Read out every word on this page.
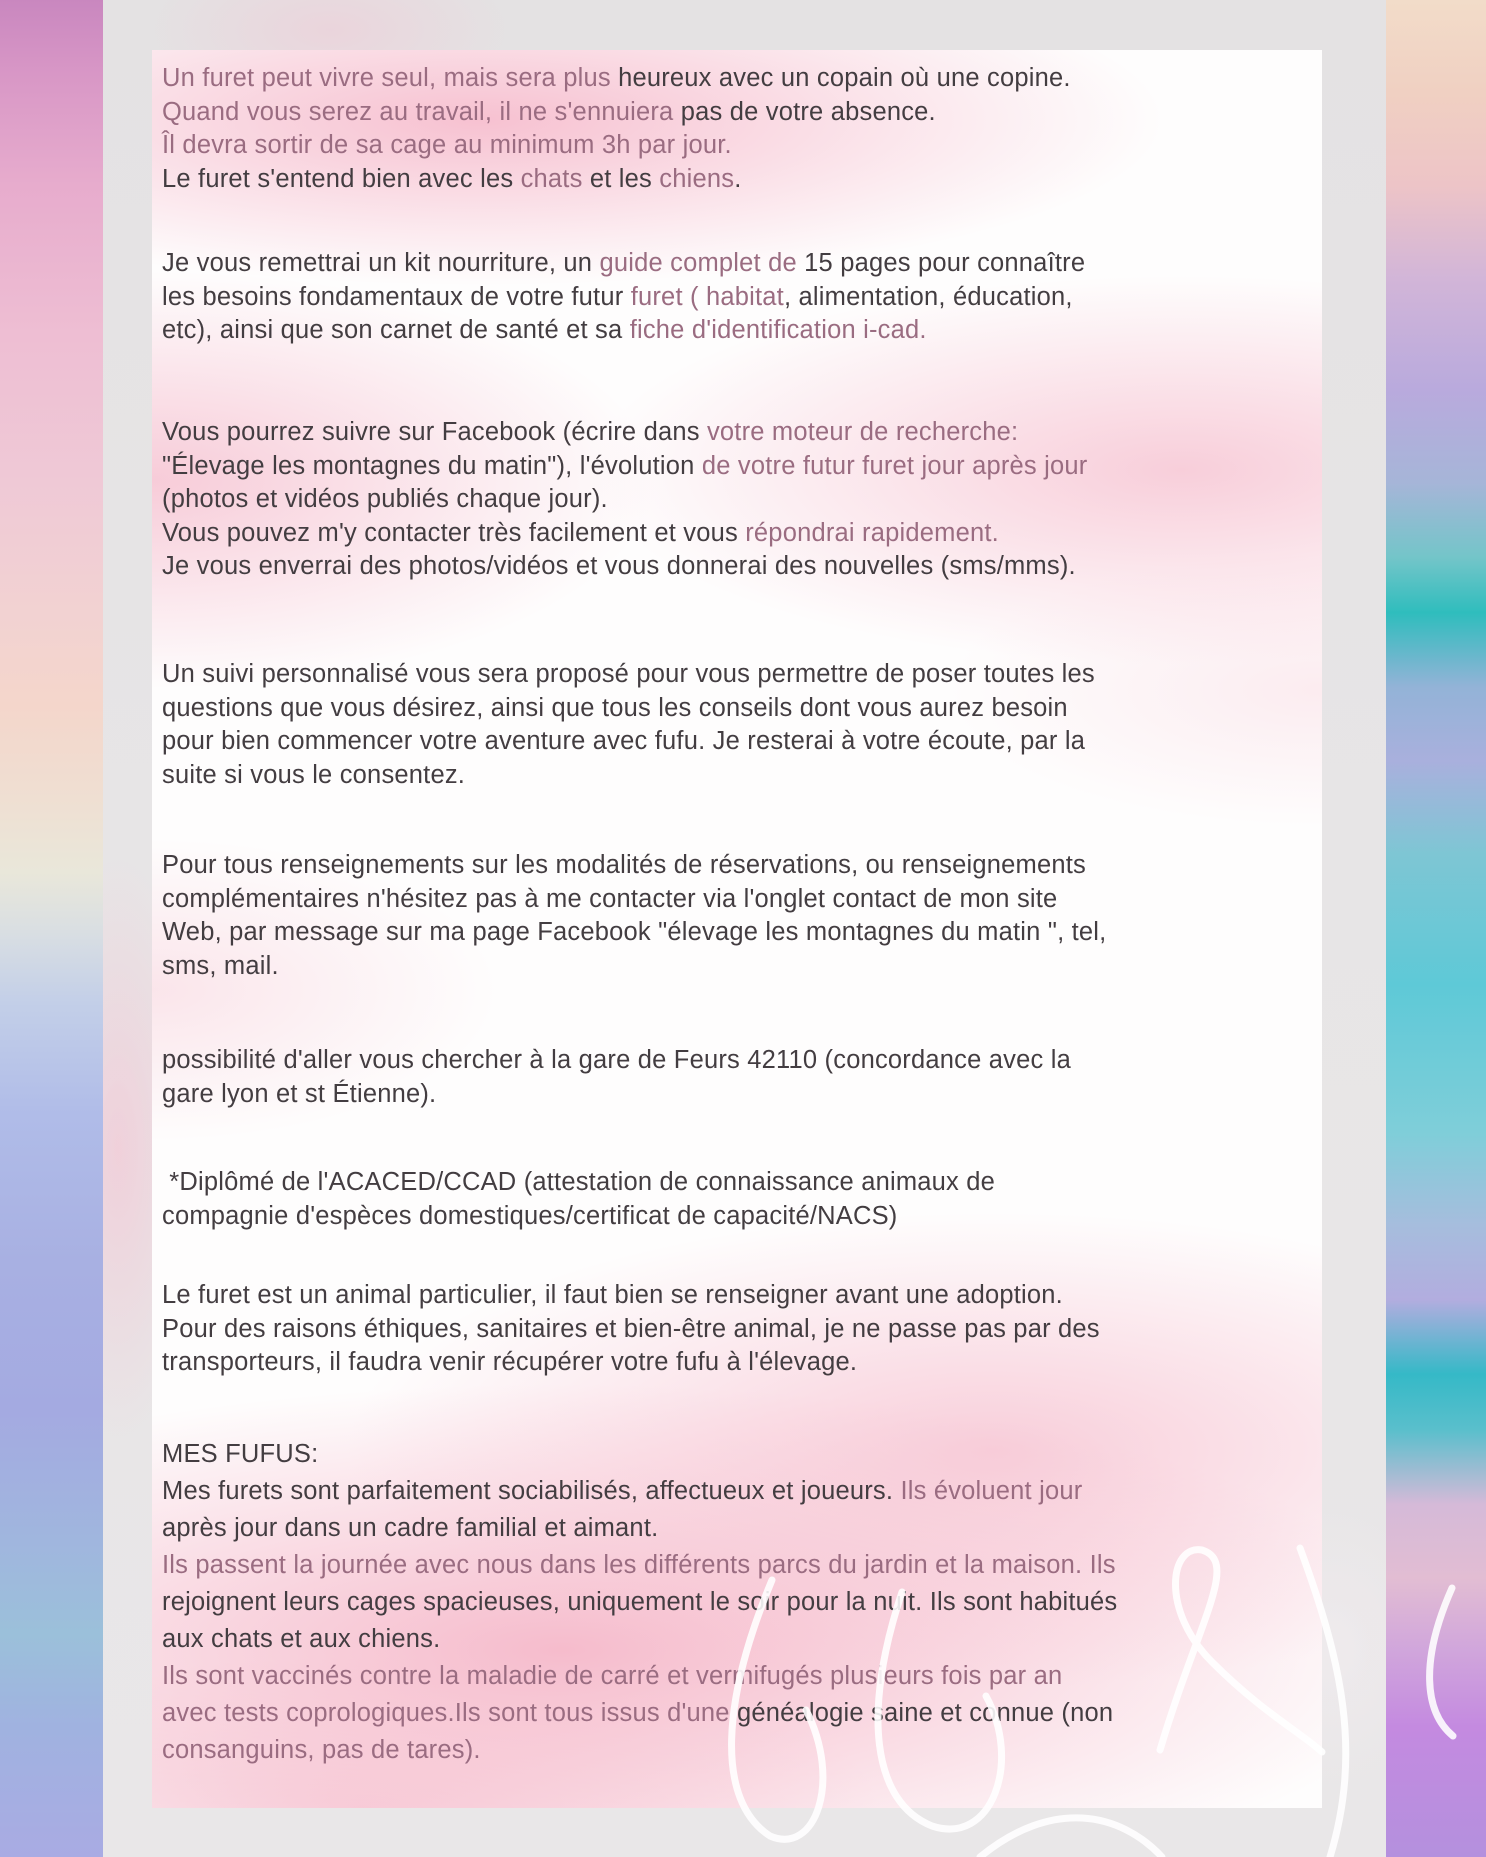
Un furet peut vivre seul, mais sera plus heureux avec un copain où une copine.
Quand vous serez au travail, il ne s'ennuiera pas de votre absence.
Îl devra sortir de sa cage au minimum 3h par jour.
Le furet s'entend bien avec les chats et les chiens.
Je vous remettrai un kit nourriture, un guide complet de 15 pages pour connaître
les besoins fondamentaux de votre futur furet ( habitat, alimentation, éducation,
etc), ainsi que son carnet de santé et sa fiche d'identification i-cad.
Vous pourrez suivre sur Facebook (écrire dans votre moteur de recherche:
"Élevage les montagnes du matin"), l'évolution de votre futur furet jour après jour
(photos et vidéos publiés chaque jour).
Vous pouvez m'y contacter très facilement et vous répondrai rapidement.
Je vous enverrai des photos/vidéos et vous donnerai des nouvelles (sms/mms).
Un suivi personnalisé vous sera proposé pour vous permettre de poser toutes les
questions que vous désirez, ainsi que tous les conseils dont vous aurez besoin
pour bien commencer votre aventure avec fufu. Je resterai à votre écoute, par la
suite si vous le consentez.
Pour tous renseignements sur les modalités de réservations, ou renseignements
complémentaires n'hésitez pas à me contacter via l'onglet contact de mon site
Web, par message sur ma page Facebook "élevage les montagnes du matin ", tel,
sms, mail.
possibilité d'aller vous chercher à la gare de Feurs 42110 (concordance avec la
gare lyon et st Étienne).
*Diplômé de l'ACACED/CCAD (attestation de connaissance animaux de
compagnie d'espèces domestiques/certificat de capacité/NACS)
Le furet est un animal particulier, il faut bien se renseigner avant une adoption.
Pour des raisons éthiques, sanitaires et bien-être animal, je ne passe pas par des
transporteurs, il faudra venir récupérer votre fufu à l'élevage.
MES FUFUS:
Mes furets sont parfaitement sociabilisés, affectueux et joueurs. Ils évoluent jour
après jour dans un cadre familial et aimant.
Ils passent la journée avec nous dans les différents parcs du jardin et la maison. Ils
rejoignent leurs cages spacieuses, uniquement le soir pour la nuit. Ils sont habitués
aux chats et aux chiens.
Ils sont vaccinés contre la maladie de carré et vermifugés plusieurs fois par an
avec tests coprologiques.Ils sont tous issus d'une généalogie saine et connue (non
consanguins, pas de tares).
